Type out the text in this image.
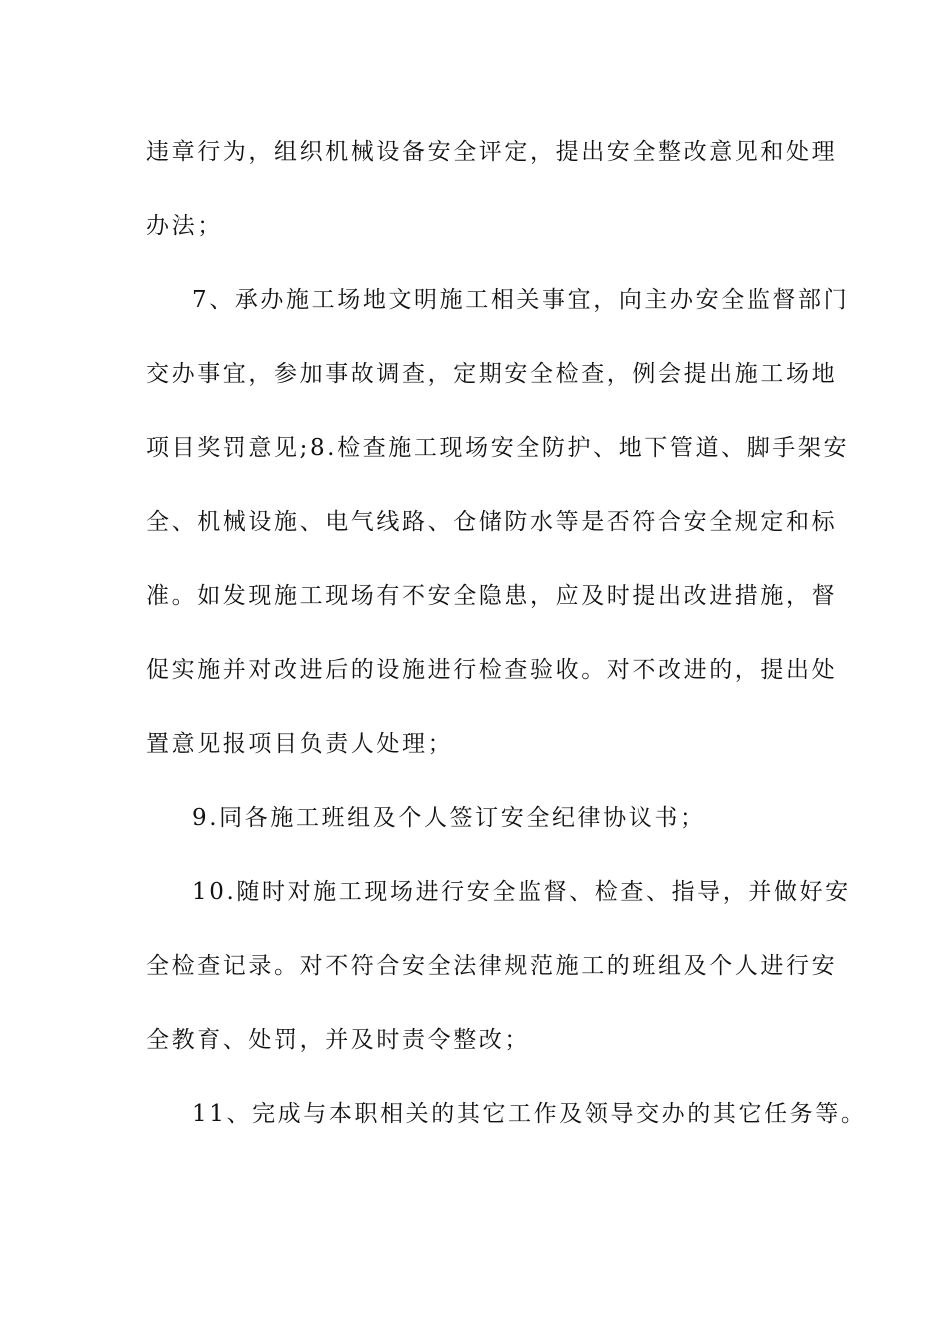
违章行为，组织机械设备安全评定，提出安全整改意见和处理
办法；
7、承办施工场地文明施工相关事宜，向主办安全监督部门
交办事宜，参加事故调查，定期安全检查，例会提出施工场地
项目奖罚意见;8.检查施工现场安全防护、地下管道、脚手架安
全、机械设施、电气线路、仓储防水等是否符合安全规定和标
准。如发现施工现场有不安全隐患，应及时提出改进措施，督
促实施并对改进后的设施进行检查验收。对不改进的，提出处
置意见报项目负责人处理；
9.同各施工班组及个人签订安全纪律协议书；
10.随时对施工现场进行安全监督、检查、指导，并做好安
全检查记录。对不符合安全法律规范施工的班组及个人进行安
全教育、处罚，并及时责令整改；
11、完成与本职相关的其它工作及领导交办的其它任务等。
